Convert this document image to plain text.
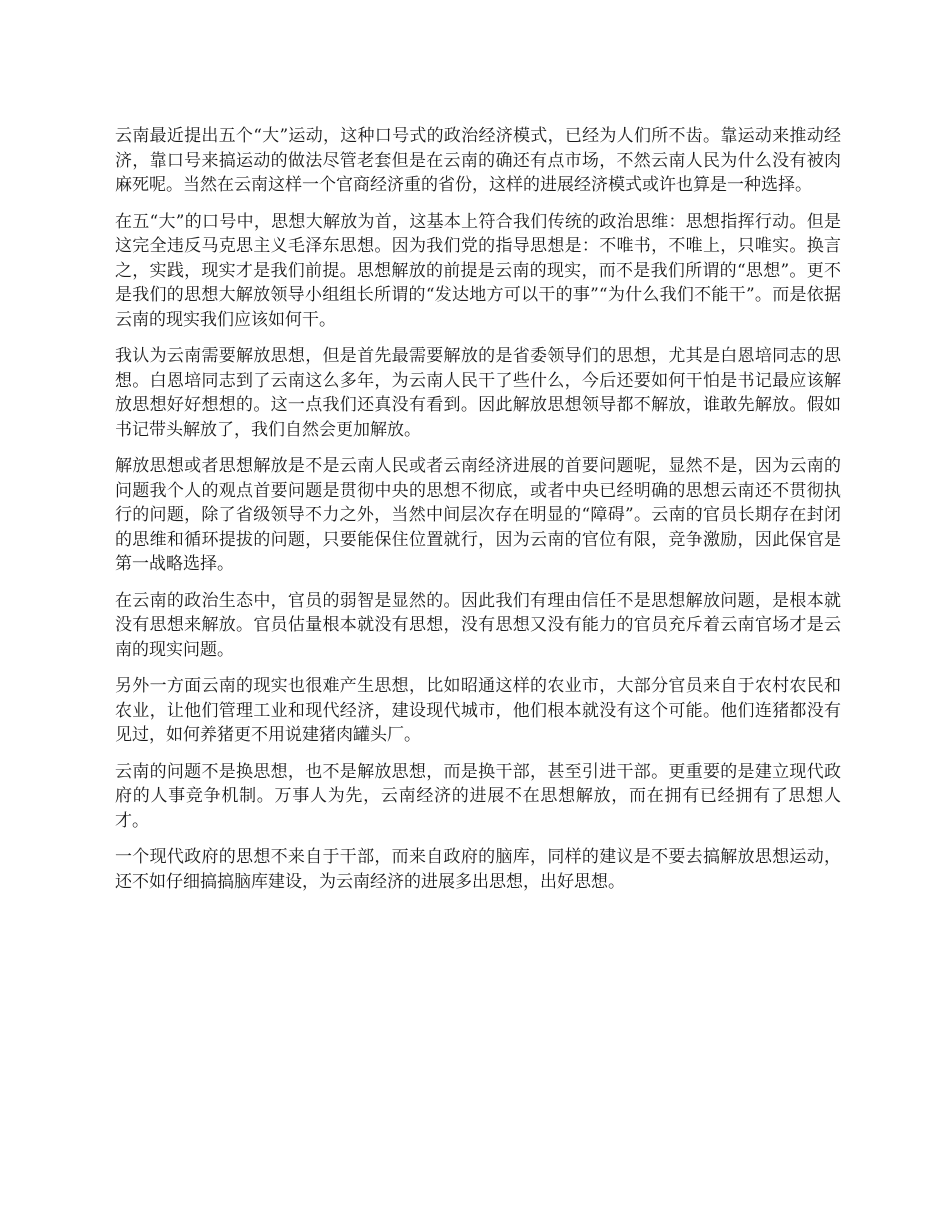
云南最近提出五个“大”运动，这种口号式的政治经济模式，已经为人们所不齿。靠运动来推动经济，靠口号来搞运动的做法尽管老套但是在云南的确还有点市场，不然云南人民为什么没有被肉麻死呢。当然在云南这样一个官商经济重的省份，这样的进展经济模式或许也算是一种选择。

在五“大”的口号中，思想大解放为首，这基本上符合我们传统的政治思维：思想指挥行动。但是这完全违反马克思主义毛泽东思想。因为我们党的指导思想是：不唯书，不唯上，只唯实。换言之，实践，现实才是我们前提。思想解放的前提是云南的现实，而不是我们所谓的“思想”。更不是我们的思想大解放领导小组组长所谓的“发达地方可以干的事”“为什么我们不能干”。而是依据云南的现实我们应该如何干。

我认为云南需要解放思想，但是首先最需要解放的是省委领导们的思想，尤其是白恩培同志的思想。白恩培同志到了云南这么多年，为云南人民干了些什么，今后还要如何干怕是书记最应该解放思想好好想想的。这一点我们还真没有看到。因此解放思想领导都不解放，谁敢先解放。假如书记带头解放了，我们自然会更加解放。

解放思想或者思想解放是不是云南人民或者云南经济进展的首要问题呢，显然不是，因为云南的问题我个人的观点首要问题是贯彻中央的思想不彻底，或者中央已经明确的思想云南还不贯彻执行的问题，除了省级领导不力之外，当然中间层次存在明显的“障碍”。云南的官员长期存在封闭的思维和循环提拔的问题，只要能保住位置就行，因为云南的官位有限，竞争激励，因此保官是第一战略选择。

在云南的政治生态中，官员的弱智是显然的。因此我们有理由信任不是思想解放问题，是根本就没有思想来解放。官员估量根本就没有思想，没有思想又没有能力的官员充斥着云南官场才是云南的现实问题。

另外一方面云南的现实也很难产生思想，比如昭通这样的农业市，大部分官员来自于农村农民和农业，让他们管理工业和现代经济，建设现代城市，他们根本就没有这个可能。他们连猪都没有见过，如何养猪更不用说建猪肉罐头厂。

云南的问题不是换思想，也不是解放思想，而是换干部，甚至引进干部。更重要的是建立现代政府的人事竞争机制。万事人为先，云南经济的进展不在思想解放，而在拥有已经拥有了思想人才。

一个现代政府的思想不来自于干部，而来自政府的脑库，同样的建议是不要去搞解放思想运动，还不如仔细搞搞脑库建设，为云南经济的进展多出思想，出好思想。
